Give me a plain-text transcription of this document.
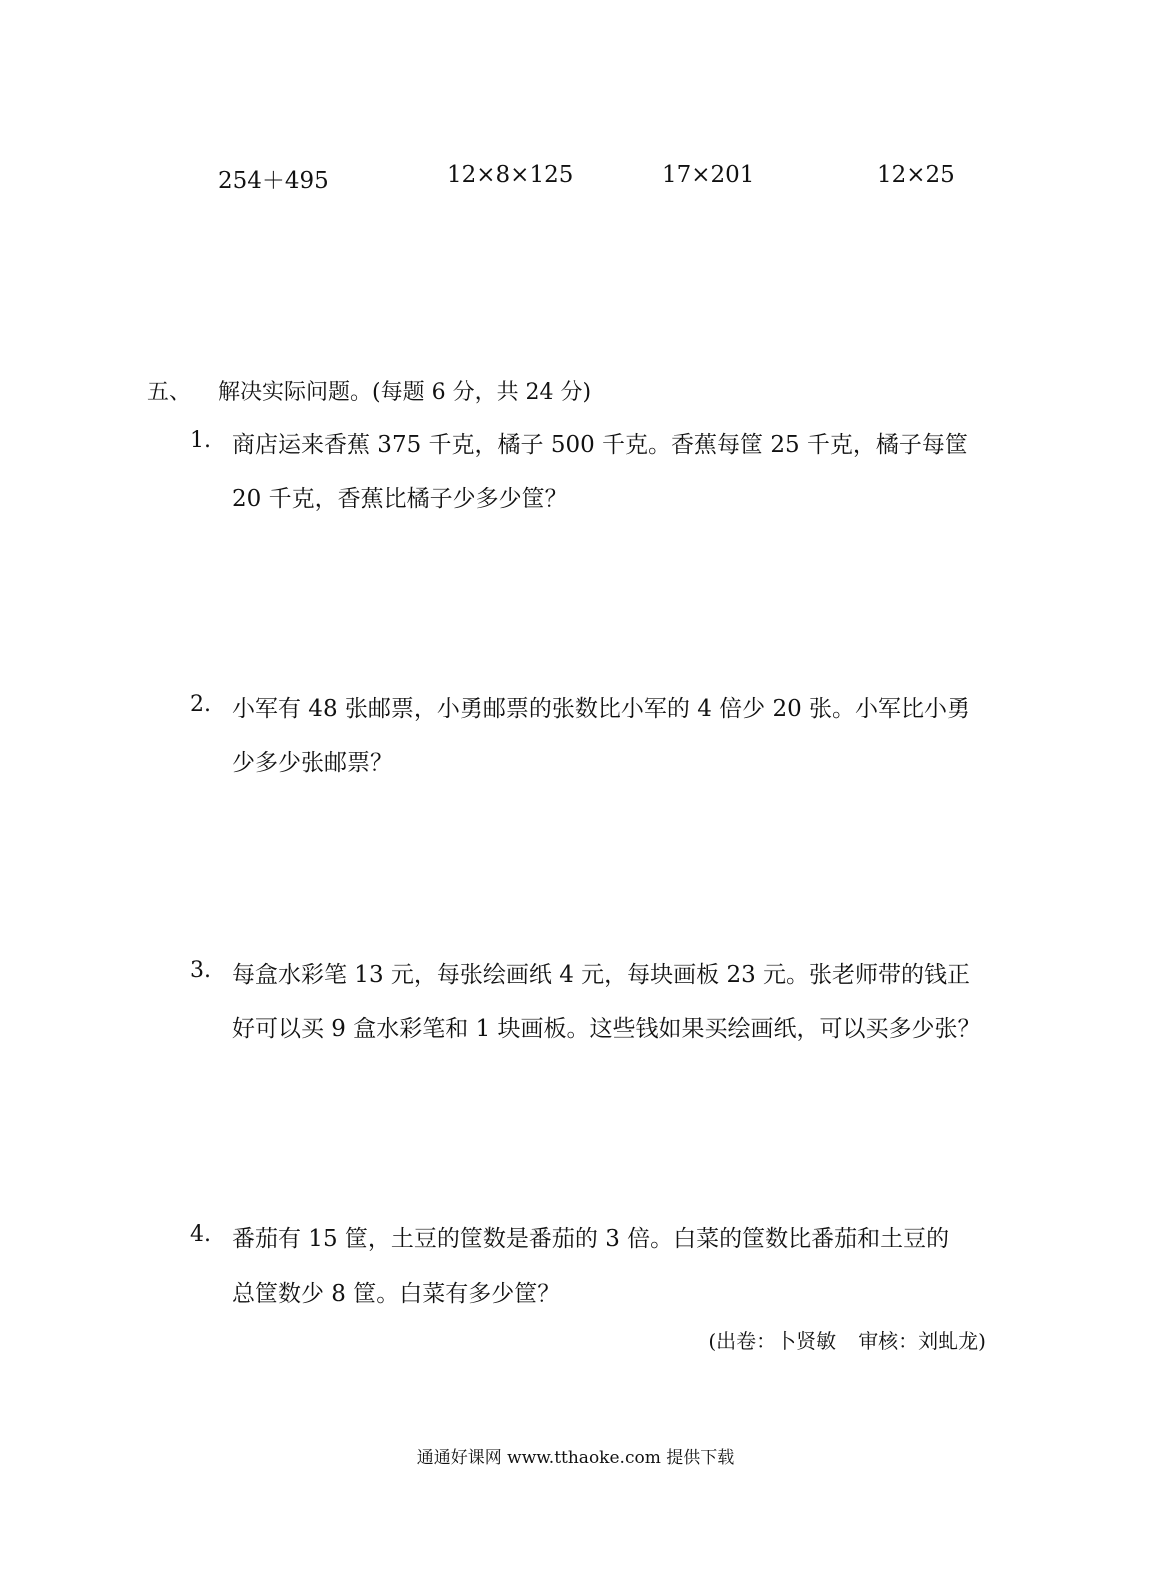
254＋495	12×8×125	17×201	12×25
五、 解决实际问题。(每题 6 分，共 24 分)
1. 商店运来香蕉 375 千克，橘子 500 千克。香蕉每筐 25 千克，橘子每筐
20 千克，香蕉比橘子少多少筐？
2. 小军有 48 张邮票，小勇邮票的张数比小军的 4 倍少 20 张。小军比小勇
少多少张邮票？
3. 每盒水彩笔 13 元，每张绘画纸 4 元，每块画板 23 元。张老师带的钱正
好可以买 9 盒水彩笔和 1 块画板。这些钱如果买绘画纸，可以买多少张？
4. 番茄有 15 筐，土豆的筐数是番茄的 3 倍。白菜的筐数比番茄和土豆的
总筐数少 8 筐。白菜有多少筐？
(出卷：卜贤敏 审核：刘虬龙)
通通好课网 www.tthaoke.com 提供下载
